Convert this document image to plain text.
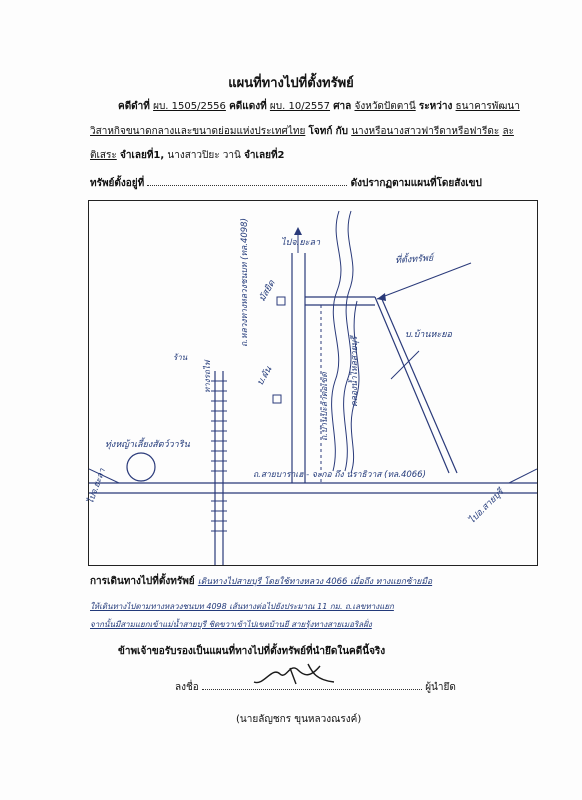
แผนที่ทางไปที่ตั้งทรัพย์
คดีดำที่ ผบ. 1505/2556 คดีแดงที่ ผบ. 10/2557 ศาล จังหวัดปัตตานี ระหว่าง ธนาคารพัฒนา
วิสาหกิจขนาดกลางและขนาดย่อมแห่งประเทศไทย โจทก์ กับ นางหรือนางสาวฟารีดาหรือฟารีดะ ละ
ติเสระ จำเลยที่1, นางสาวปิยะ วานิ จำเลยที่2
ทรัพย์ตั้งอยู่ที่	ดังปรากฏตามแผนที่โดยสังเขป
ไปจ.ยะลา
ที่ตั้งทรัพย์
ถ.หลวงทางหลวงชนบท (ทล.4098)
ถ.บ้านปะลาตอเขต	คลองน้ำไหลสายบุรี
บ.บ้านหะยอ
บ.ผัน
มัสยิด
ทางรถไฟ
ทุ่งหญ้าเลี้ยงสัตว์วาริน
ไปจ.ยะลา	ถ.สายบาราเฮ - จะกอ ถึง นราธิวาส (ทล.4066)
ไปอ.สายบุรี
ร้าน
การเดินทางไปที่ตั้งทรัพย์ เดินทางไปสายบุรี โดยใช้ทางหลวง 4066 เมื่อถึง ทางแยกซ้ายมือ
ให้เดินทางไปตามทางหลวงชนบท 4098 เส้นทางต่อไปยังประมาณ 11 กม. ถ.เลขทางแยก
จากนั้นมีสามแยกเข้าแม่น้ำสายบุรี ชิดขวาเข้าไปเขตบ้านยี สายรุ้งทางสายเมอริลฝั่ง
ข้าพเจ้าขอรับรองเป็นแผนที่ทางไปที่ตั้งทรัพย์ที่นำยึดในคดีนี้จริง
ลงชื่อ	ผู้นำยึด
(นายลัญชกร ขุนหลวงณรงค์)
